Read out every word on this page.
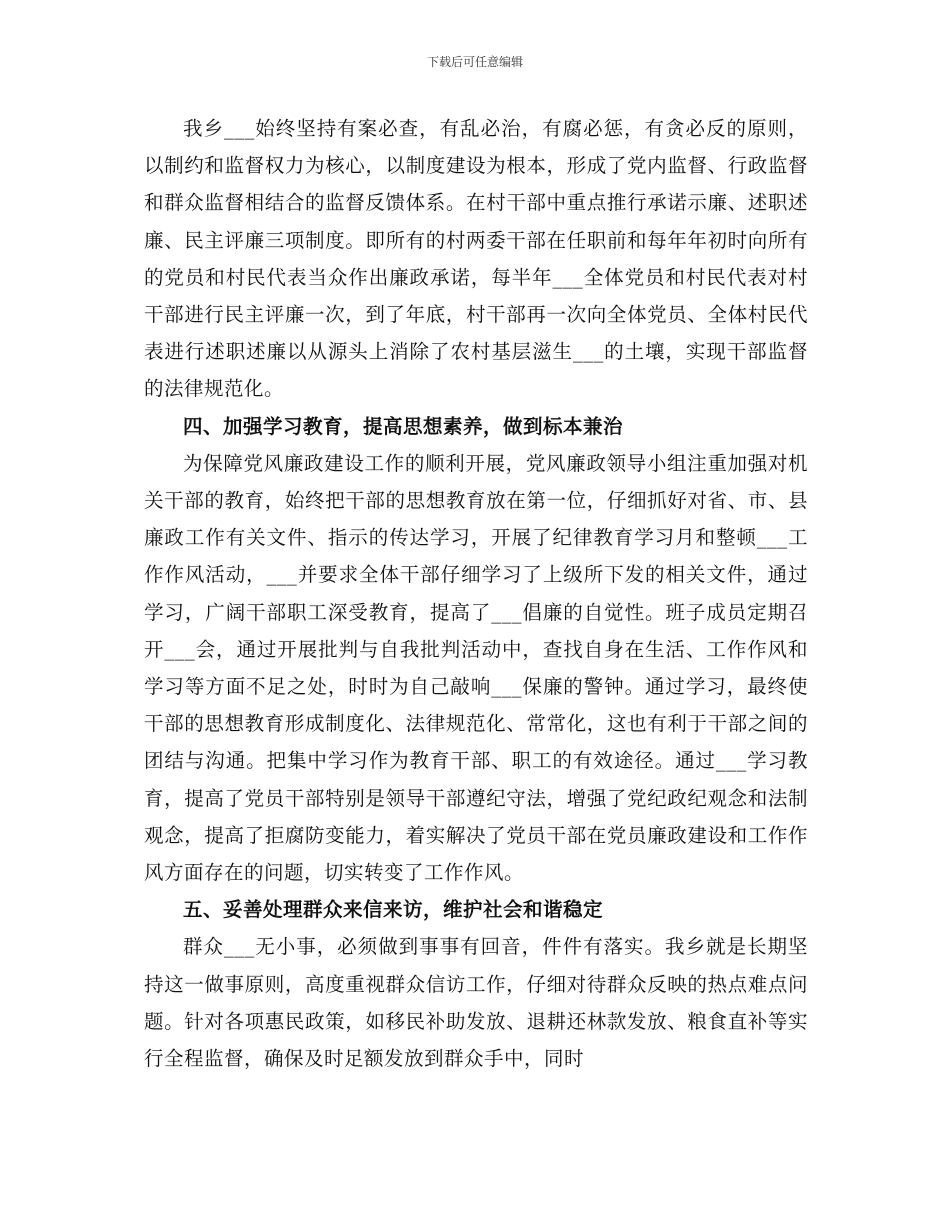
下载后可任意编辑

我乡___始终坚持有案必查，有乱必治，有腐必惩，有贪必反的原则，以制约和监督权力为核心，以制度建设为根本，形成了党内监督、行政监督和群众监督相结合的监督反馈体系。在村干部中重点推行承诺示廉、述职述廉、民主评廉三项制度。即所有的村两委干部在任职前和每年年初时向所有的党员和村民代表当众作出廉政承诺，每半年___全体党员和村民代表对村干部进行民主评廉一次，到了年底，村干部再一次向全体党员、全体村民代表进行述职述廉以从源头上消除了农村基层滋生___的土壤，实现干部监督的法律规范化。

四、加强学习教育，提高思想素养，做到标本兼治

为保障党风廉政建设工作的顺利开展，党风廉政领导小组注重加强对机关干部的教育，始终把干部的思想教育放在第一位，仔细抓好对省、市、县廉政工作有关文件、指示的传达学习，开展了纪律教育学习月和整顿___工作作风活动，___并要求全体干部仔细学习了上级所下发的相关文件，通过学习，广阔干部职工深受教育，提高了___倡廉的自觉性。班子成员定期召开___会，通过开展批判与自我批判活动中，查找自身在生活、工作作风和学习等方面不足之处，时时为自己敲响___保廉的警钟。通过学习，最终使干部的思想教育形成制度化、法律规范化、常常化，这也有利于干部之间的团结与沟通。把集中学习作为教育干部、职工的有效途径。通过___学习教育，提高了党员干部特别是领导干部遵纪守法，增强了党纪政纪观念和法制观念，提高了拒腐防变能力，着实解决了党员干部在党员廉政建设和工作作风方面存在的问题，切实转变了工作作风。

五、妥善处理群众来信来访，维护社会和谐稳定

群众___无小事，必须做到事事有回音，件件有落实。我乡就是长期坚持这一做事原则，高度重视群众信访工作，仔细对待群众反映的热点难点问题。针对各项惠民政策，如移民补助发放、退耕还林款发放、粮食直补等实行全程监督，确保及时足额发放到群众手中，同时
